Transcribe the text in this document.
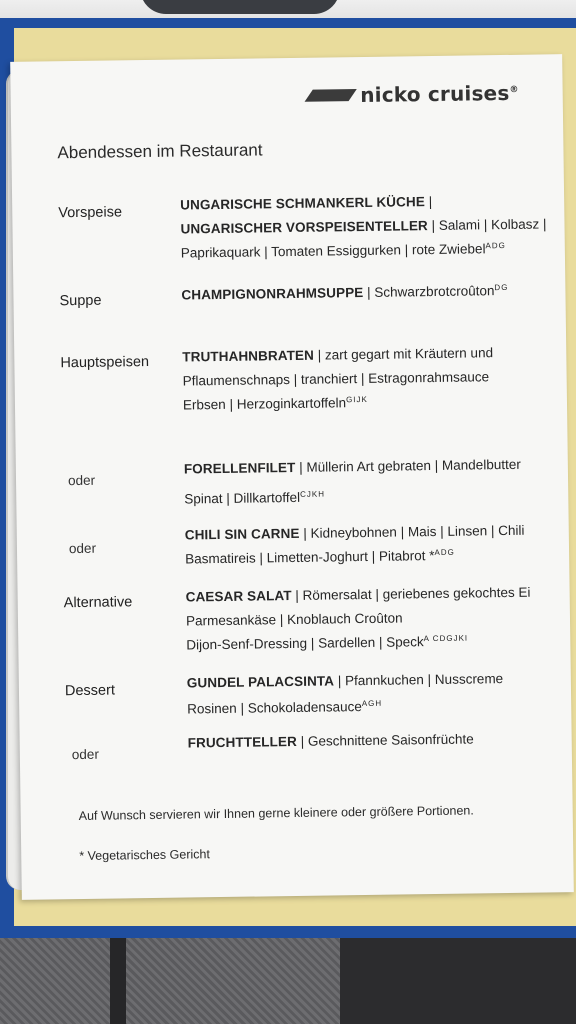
nicko cruises®
Abendessen im Restaurant
Vorspeise
UNGARISCHE SCHMANKERL KÜCHE |
UNGARISCHER VORSPEISENTELLER | Salami | Kolbasz |
Paprikaquark | Tomaten Essiggurken | rote Zwiebel$^{ADG}$
Suppe	CHAMPIGNONRAHMSUPPE | Schwarzbrotcroûton$^{DG}$
Hauptspeisen TRUTHAHNBRATEN | zart gegart mit Kräutern und
Pflaumenschnaps | tranchiert | Estragonrahmsauce
Erbsen | Herzoginkartoffeln$^{GIJK}$
oder
FORELLENFILET | Müllerin Art gebraten | Mandelbutter
Spinat | Dillkartoffel$^{CJKH}$
oder
CHILI SIN CARNE | Kidneybohnen | Mais | Linsen | Chili
Basmatireis | Limetten-Joghurt | Pitabrot *$^{ADG}$
Alternative	CAESAR SALAT | Römersalat | geriebenes gekochtes Ei
Parmesankäse | Knoblauch Croûton
Dijon-Senf-Dressing | Sardellen | Speck$^{A CDGJKI}$
Dessert
GUNDEL PALACSINTA | Pfannkuchen | Nusscreme
Rosinen | Schokoladensauce$^{AGH}$
oder
FRUCHTTELLER | Geschnittene Saisonfrüchte
Auf Wunsch servieren wir Ihnen gerne kleinere oder größere Portionen.
* Vegetarisches Gericht
